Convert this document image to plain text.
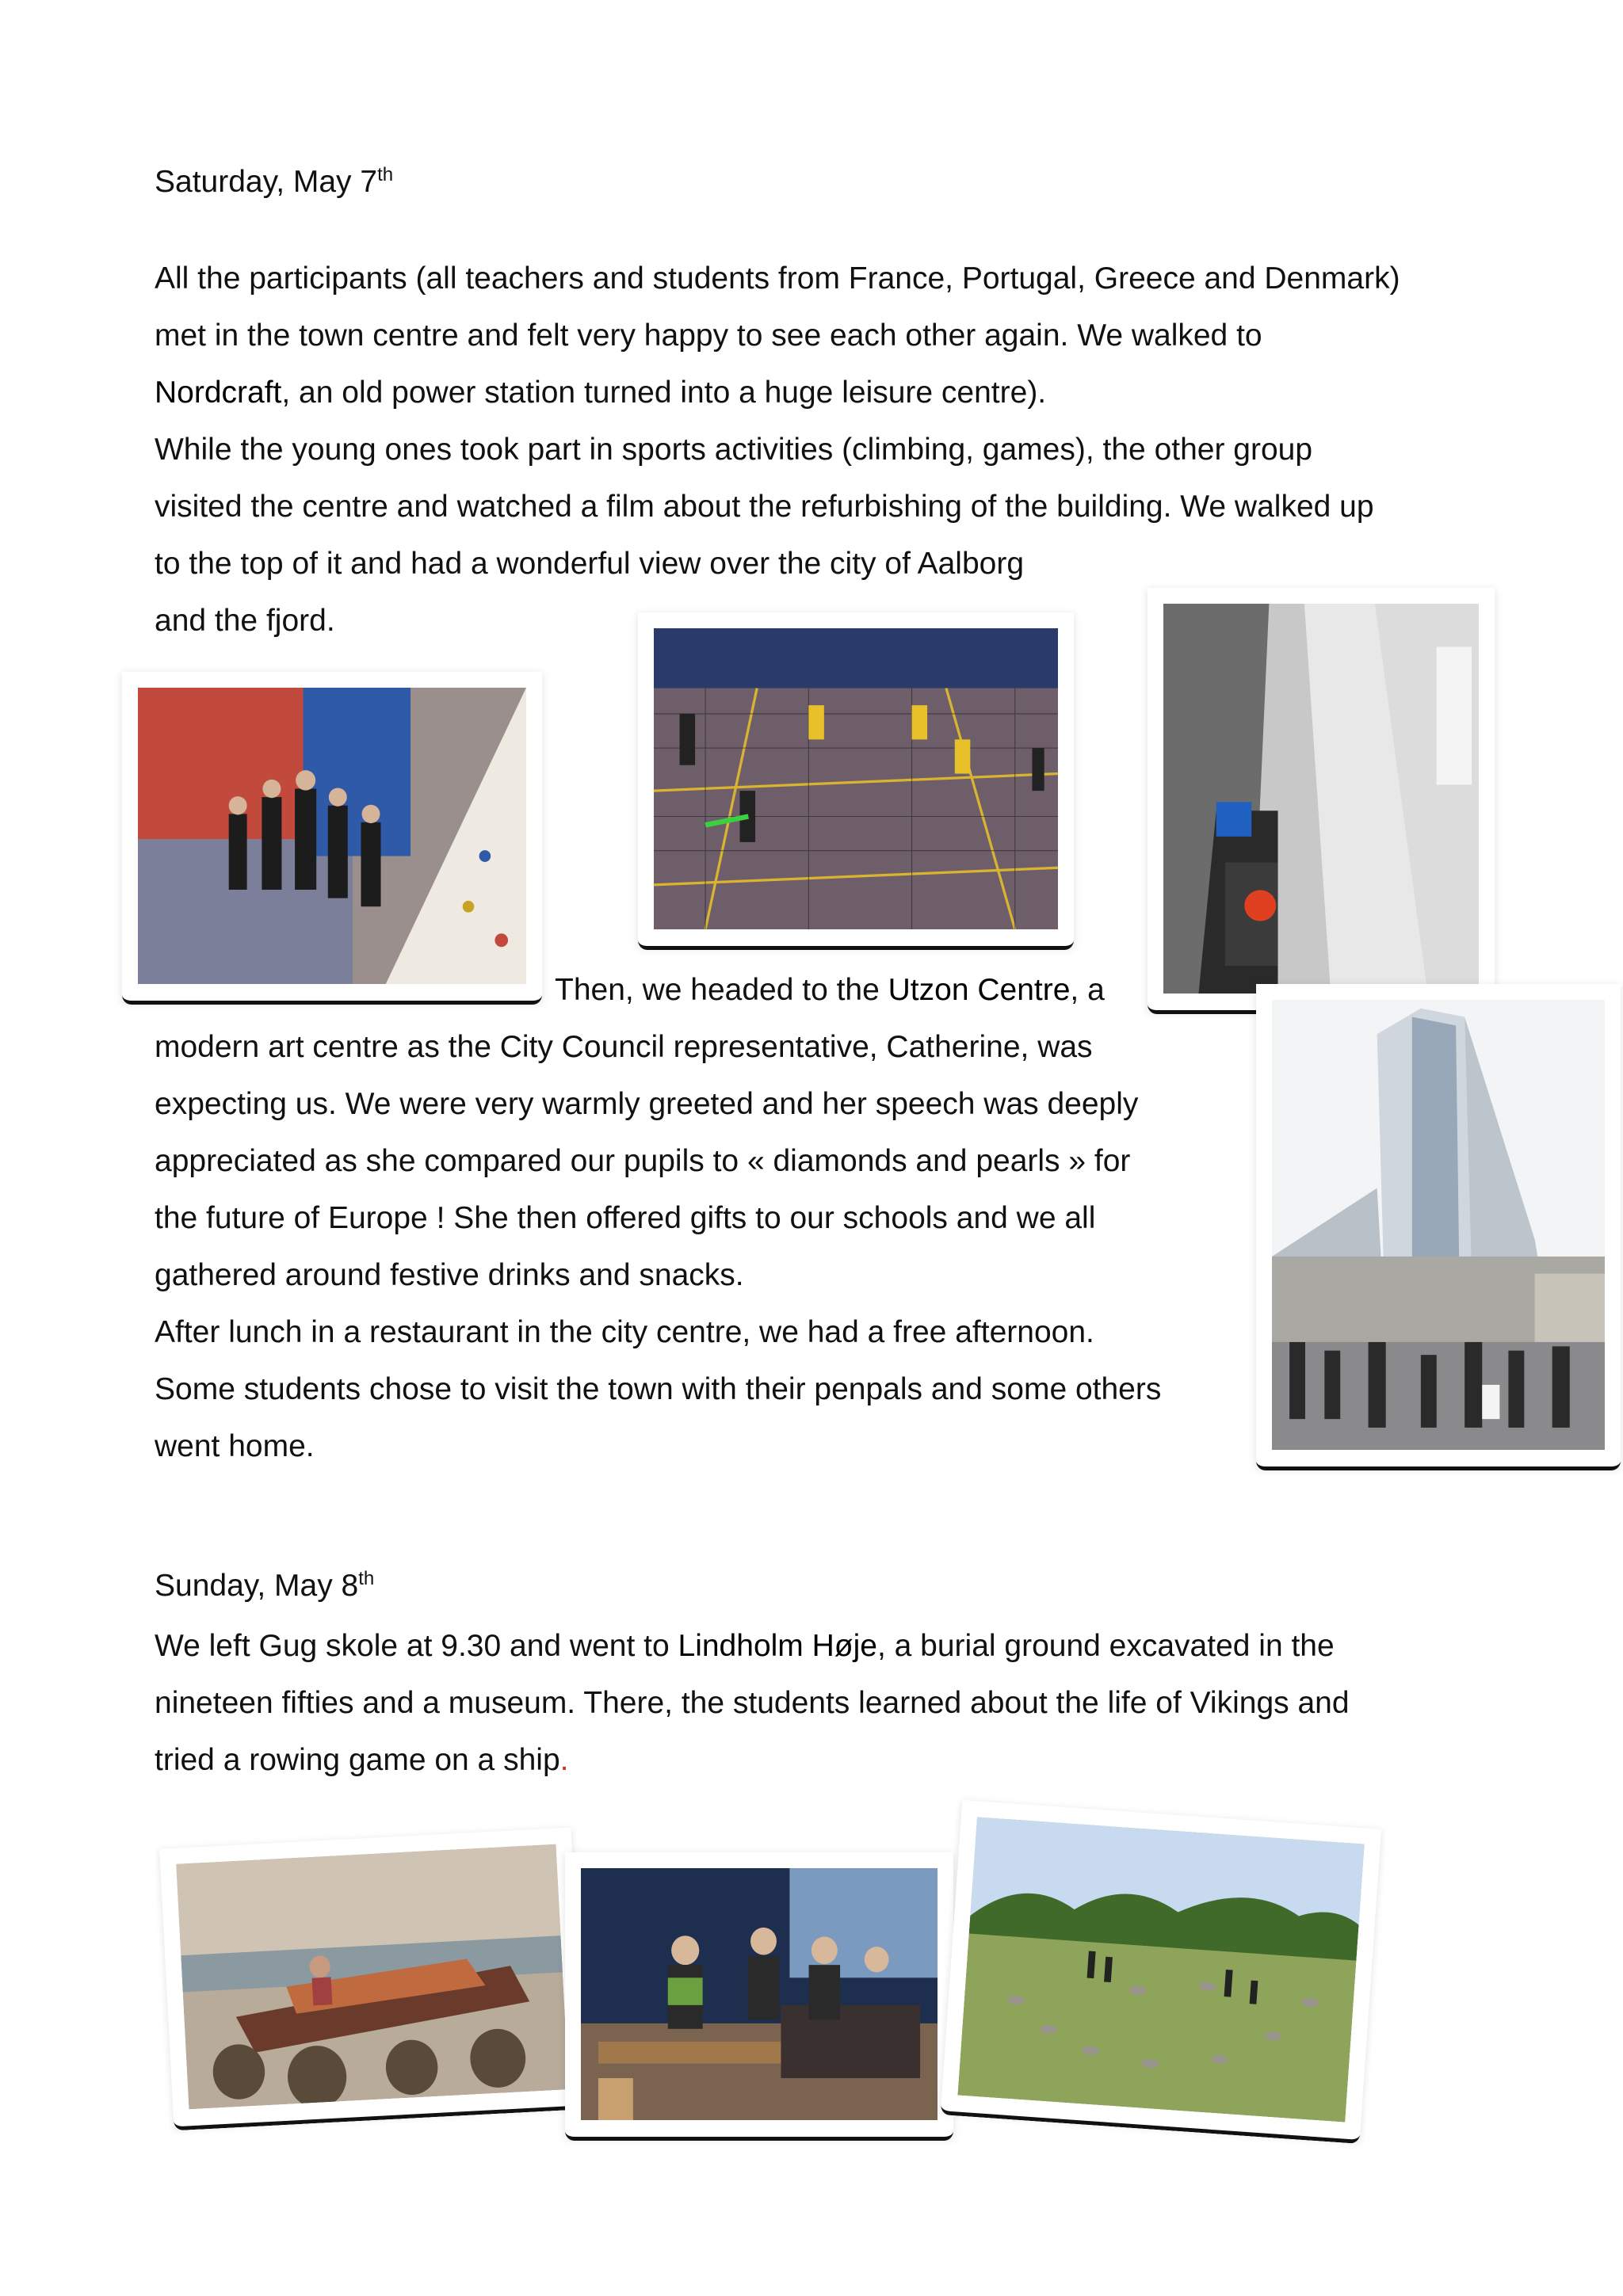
Saturday, May 7th

All the participants (all teachers and students from France, Portugal, Greece and Denmark)

met in the town centre and felt very happy to see each other again. We walked to

Nordcraft, an old power station turned into a huge leisure centre).

While the young ones took part in sports activities (climbing, games), the other group

visited the centre and watched a film about the refurbishing of the building. We walked up

to the top of it and had a wonderful view over the city of Aalborg

and the fjord.

Then, we headed to the Utzon Centre, a

modern art centre as the City Council representative, Catherine, was

expecting us. We were very warmly greeted and her speech was deeply

appreciated as she compared our pupils to « diamonds and pearls » for

the future of Europe ! She then offered gifts to our schools and we all

gathered around festive drinks and snacks.

After lunch in a restaurant in the city centre, we had a free afternoon.

Some students chose to visit the town with their penpals and some others

went home.

Sunday, May 8th

We left Gug skole at 9.30 and went to Lindholm Høje, a burial ground excavated in the

nineteen fifties and a museum. There, the students learned about the life of Vikings and

tried a rowing game on a ship.
